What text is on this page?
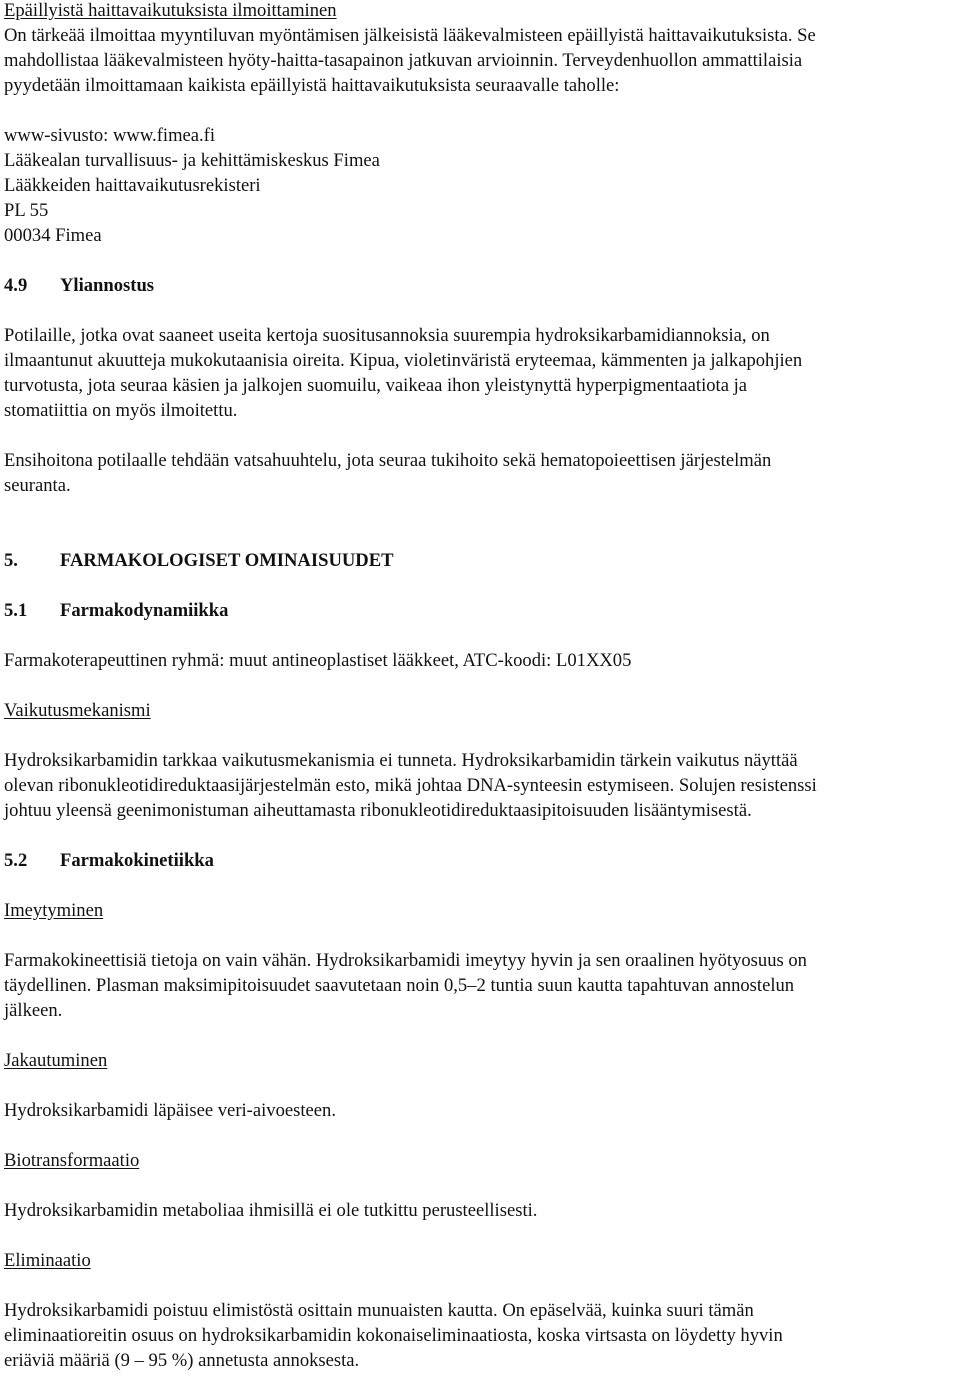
Epäillyistä haittavaikutuksista ilmoittaminen

On tärkeää ilmoittaa myyntiluvan myöntämisen jälkeisistä lääkevalmisteen epäillyistä haittavaikutuksista. Se

mahdollistaa lääkevalmisteen hyöty-haitta-tasapainon jatkuvan arvioinnin. Terveydenhuollon ammattilaisia

pyydetään ilmoittamaan kaikista epäillyistä haittavaikutuksista seuraavalle taholle:

www-sivusto: www.fimea.fi

Lääkealan turvallisuus- ja kehittämiskeskus Fimea

Lääkkeiden haittavaikutusrekisteri

PL 55

00034 Fimea

4.9	Yliannostus

Potilaille, jotka ovat saaneet useita kertoja suositusannoksia suurempia hydroksikarbamidiannoksia, on

ilmaantunut akuutteja mukokutaanisia oireita. Kipua, violetinväristä eryteemaa, kämmenten ja jalkapohjien

turvotusta, jota seuraa käsien ja jalkojen suomuilu, vaikeaa ihon yleistynyttä hyperpigmentaatiota ja

stomatiittia on myös ilmoitettu.

Ensihoitona potilaalle tehdään vatsahuuhtelu, jota seuraa tukihoito sekä hematopoieettisen järjestelmän

seuranta.

5.	FARMAKOLOGISET OMINAISUUDET

5.1	Farmakodynamiikka

Farmakoterapeuttinen ryhmä: muut antineoplastiset lääkkeet, ATC-koodi: L01XX05

Vaikutusmekanismi

Hydroksikarbamidin tarkkaa vaikutusmekanismia ei tunneta. Hydroksikarbamidin tärkein vaikutus näyttää

olevan ribonukleotidireduktaasijärjestelmän esto, mikä johtaa DNA-synteesin estymiseen. Solujen resistenssi

johtuu yleensä geenimonistuman aiheuttamasta ribonukleotidireduktaasipitoisuuden lisääntymisestä.

5.2	Farmakokinetiikka

Imeytyminen

Farmakokineettisiä tietoja on vain vähän. Hydroksikarbamidi imeytyy hyvin ja sen oraalinen hyötyosuus on

täydellinen. Plasman maksimipitoisuudet saavutetaan noin 0,5–2 tuntia suun kautta tapahtuvan annostelun

jälkeen.

Jakautuminen

Hydroksikarbamidi läpäisee veri-aivoesteen.

Biotransformaatio

Hydroksikarbamidin metaboliaa ihmisillä ei ole tutkittu perusteellisesti.

Eliminaatio

Hydroksikarbamidi poistuu elimistöstä osittain munuaisten kautta. On epäselvää, kuinka suuri tämän

eliminaatioreitin osuus on hydroksikarbamidin kokonaiseliminaatiosta, koska virtsasta on löydetty hyvin

eriäviä määriä (9 – 95 %) annetusta annoksesta.
